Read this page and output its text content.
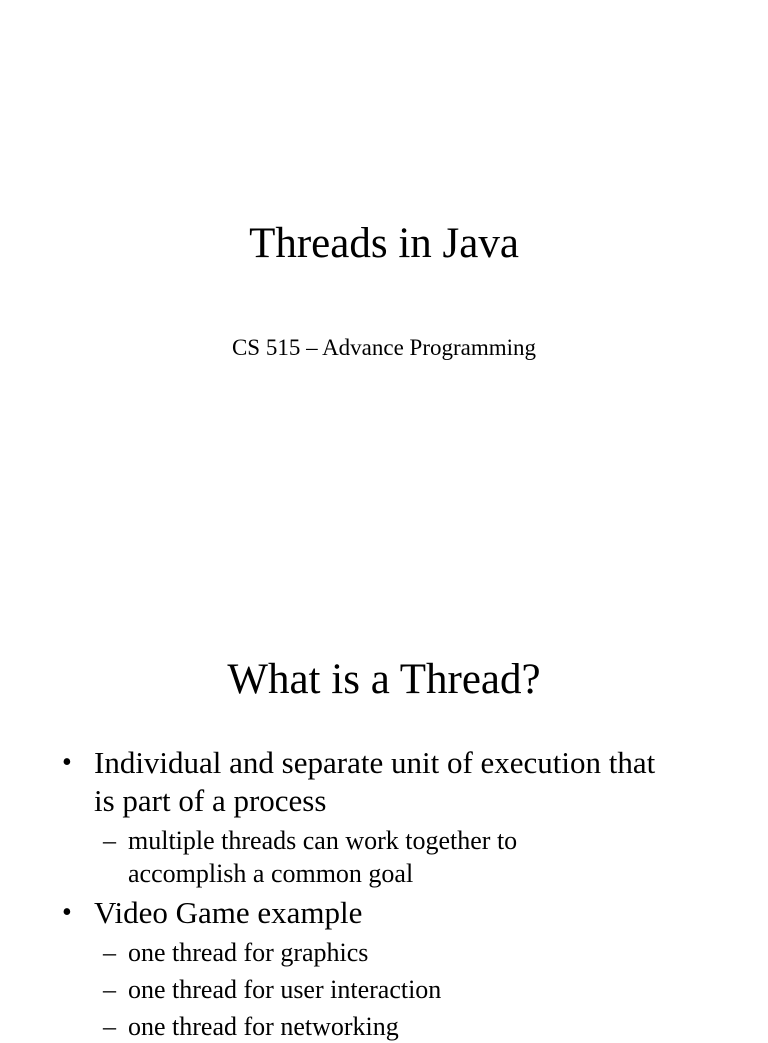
Threads in Java
CS 515 – Advance Programming
What is a Thread?
• Individual and separate unit of execution that is part of a process
– multiple threads can work together to accomplish a common goal
• Video Game example
– one thread for graphics
– one thread for user interaction
– one thread for networking
